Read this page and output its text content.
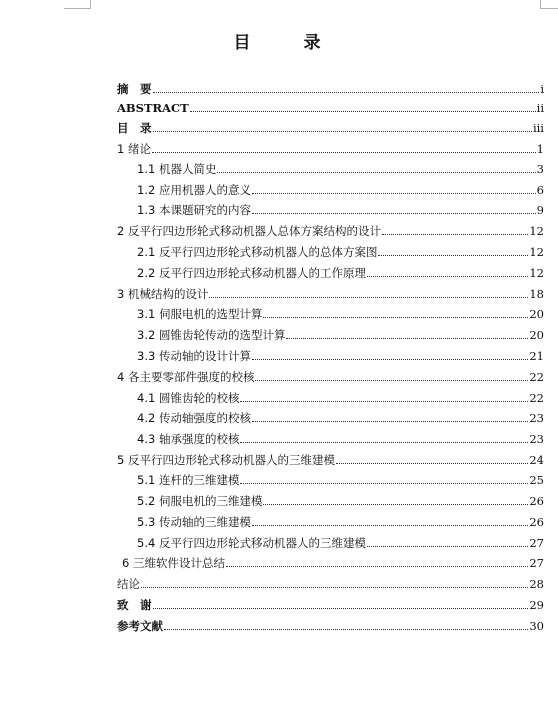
目　录
摘　要	i
ABSTRACT	ii
目　录	iii
1 绪论	1
1.1 机器人简史	3
1.2 应用机器人的意义	6
1.3 本课题研究的内容	9
2 反平行四边形轮式移动机器人总体方案结构的设计	12
2.1 反平行四边形轮式移动机器人的总体方案图	12
2.2 反平行四边形轮式移动机器人的工作原理	12
3 机械结构的设计	18
3.1 伺服电机的选型计算	20
3.2 圆锥齿轮传动的选型计算	20
3.3 传动轴的设计计算	21
4 各主要零部件强度的校核	22
4.1 圆锥齿轮的校核	22
4.2 传动轴强度的校核	23
4.3 轴承强度的校核	23
5 反平行四边形轮式移动机器人的三维建模	24
5.1 连杆的三维建模	25
5.2 伺服电机的三维建模	26
5.3 传动轴的三维建模	26
5.4 反平行四边形轮式移动机器人的三维建模	27
6 三维软件设计总结	27
结论	28
致　谢	29
参考文献	30
